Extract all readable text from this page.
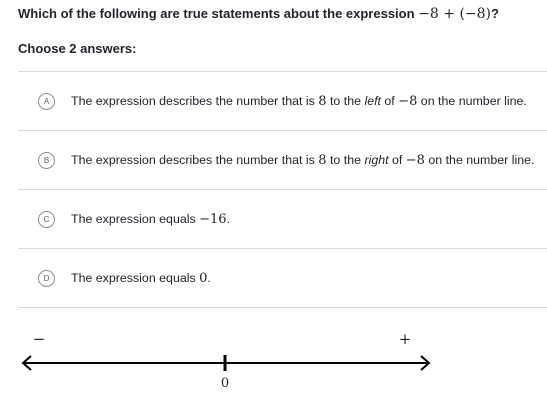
Which of the following are true statements about the expression −8 + (−8)?
Choose 2 answers:
A	The expression describes the number that is 8 to the left of −8 on the number line.
B	The expression describes the number that is 8 to the right of −8 on the number line.
C	The expression equals −16.
D	The expression equals 0.
−	+
0
